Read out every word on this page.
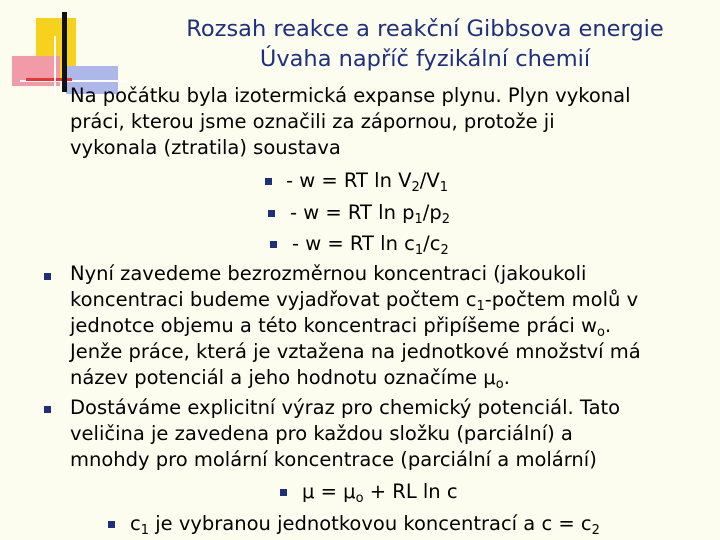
Rozsah reakce a reakční Gibbsova energie
Úvaha napříč fyzikální chemií
Na počátku byla izotermická expanse plynu. Plyn vykonal
práci, kterou jsme označili za zápornou, protože ji
vykonala (ztratila) soustava
- w = RT $\ln V_2/V_1$
- w = RT $\ln p_1/p_2$
- w = RT $\ln c_1/c_2$
Nyní zavedeme bezrozměrnou koncentraci (jakoukoli
koncentraci budeme vyjadřovat počtem $c_1$-počtem molů v
jednotce objemu a této koncentraci připíšeme práci $w_o$.
Jenže práce, která je vztažena na jednotkové množství má
název potenciál a jeho hodnotu označíme $\mu_o$.
Dostáváme explicitní výraz pro chemický potenciál. Tato
veličina je zavedena pro každou složku (parciální) a
mnohdy pro molární koncentrace (parciální a molární)
$\mu = \mu_o$ + RL ln c
$c_1$ je vybranou jednotkovou koncentrací a $c = c_2$
